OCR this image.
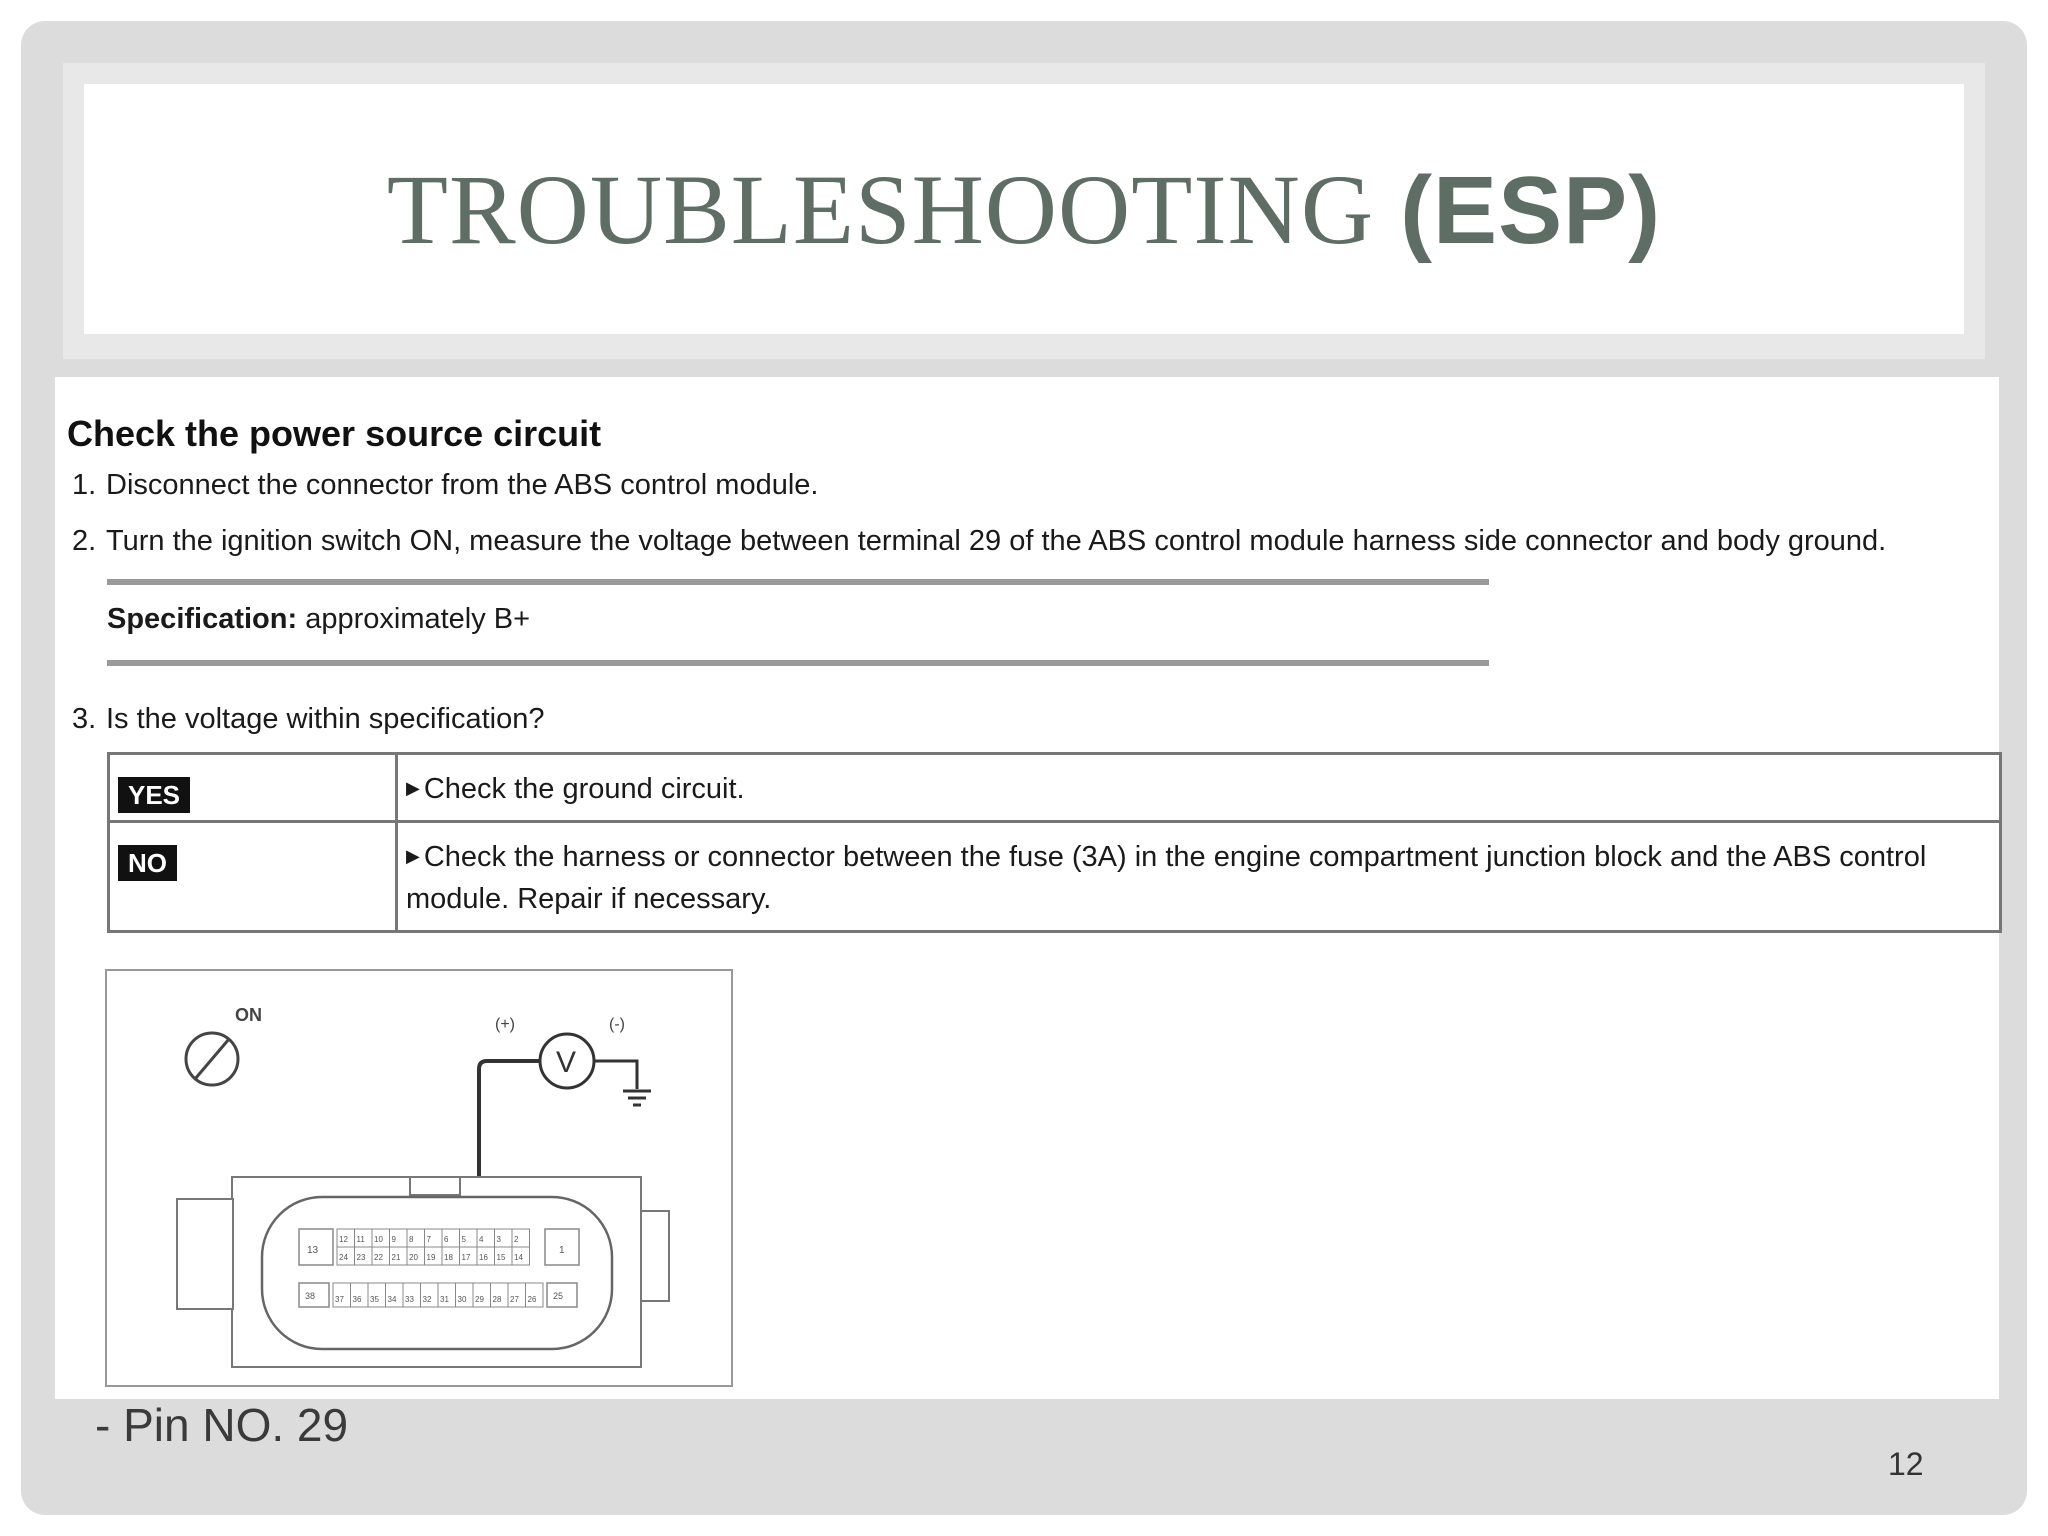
TROUBLESHOOTING (ESP)
Check the power source circuit
1. Disconnect the connector from the ABS control module.
2. Turn the ignition switch ON, measure the voltage between terminal 29 of the ABS control module harness side connector and body ground.
Specification: approximately B+
3. Is the voltage within specification?
YES	▶ Check the ground circuit.

NO	▶ Check the harness or connector between the fuse (3A) in the engine compartment junction block and the ABS control module. Repair if necessary.
ON	(+)	(-)
V
13	1
12 11 10 9 8 7 6 5 4 3 2
24 23 22 21 20 19 18 17 16 15 14
38	25
37 36 35 34 33 32 31 30 29 28 27 26
- Pin NO. 29
12
